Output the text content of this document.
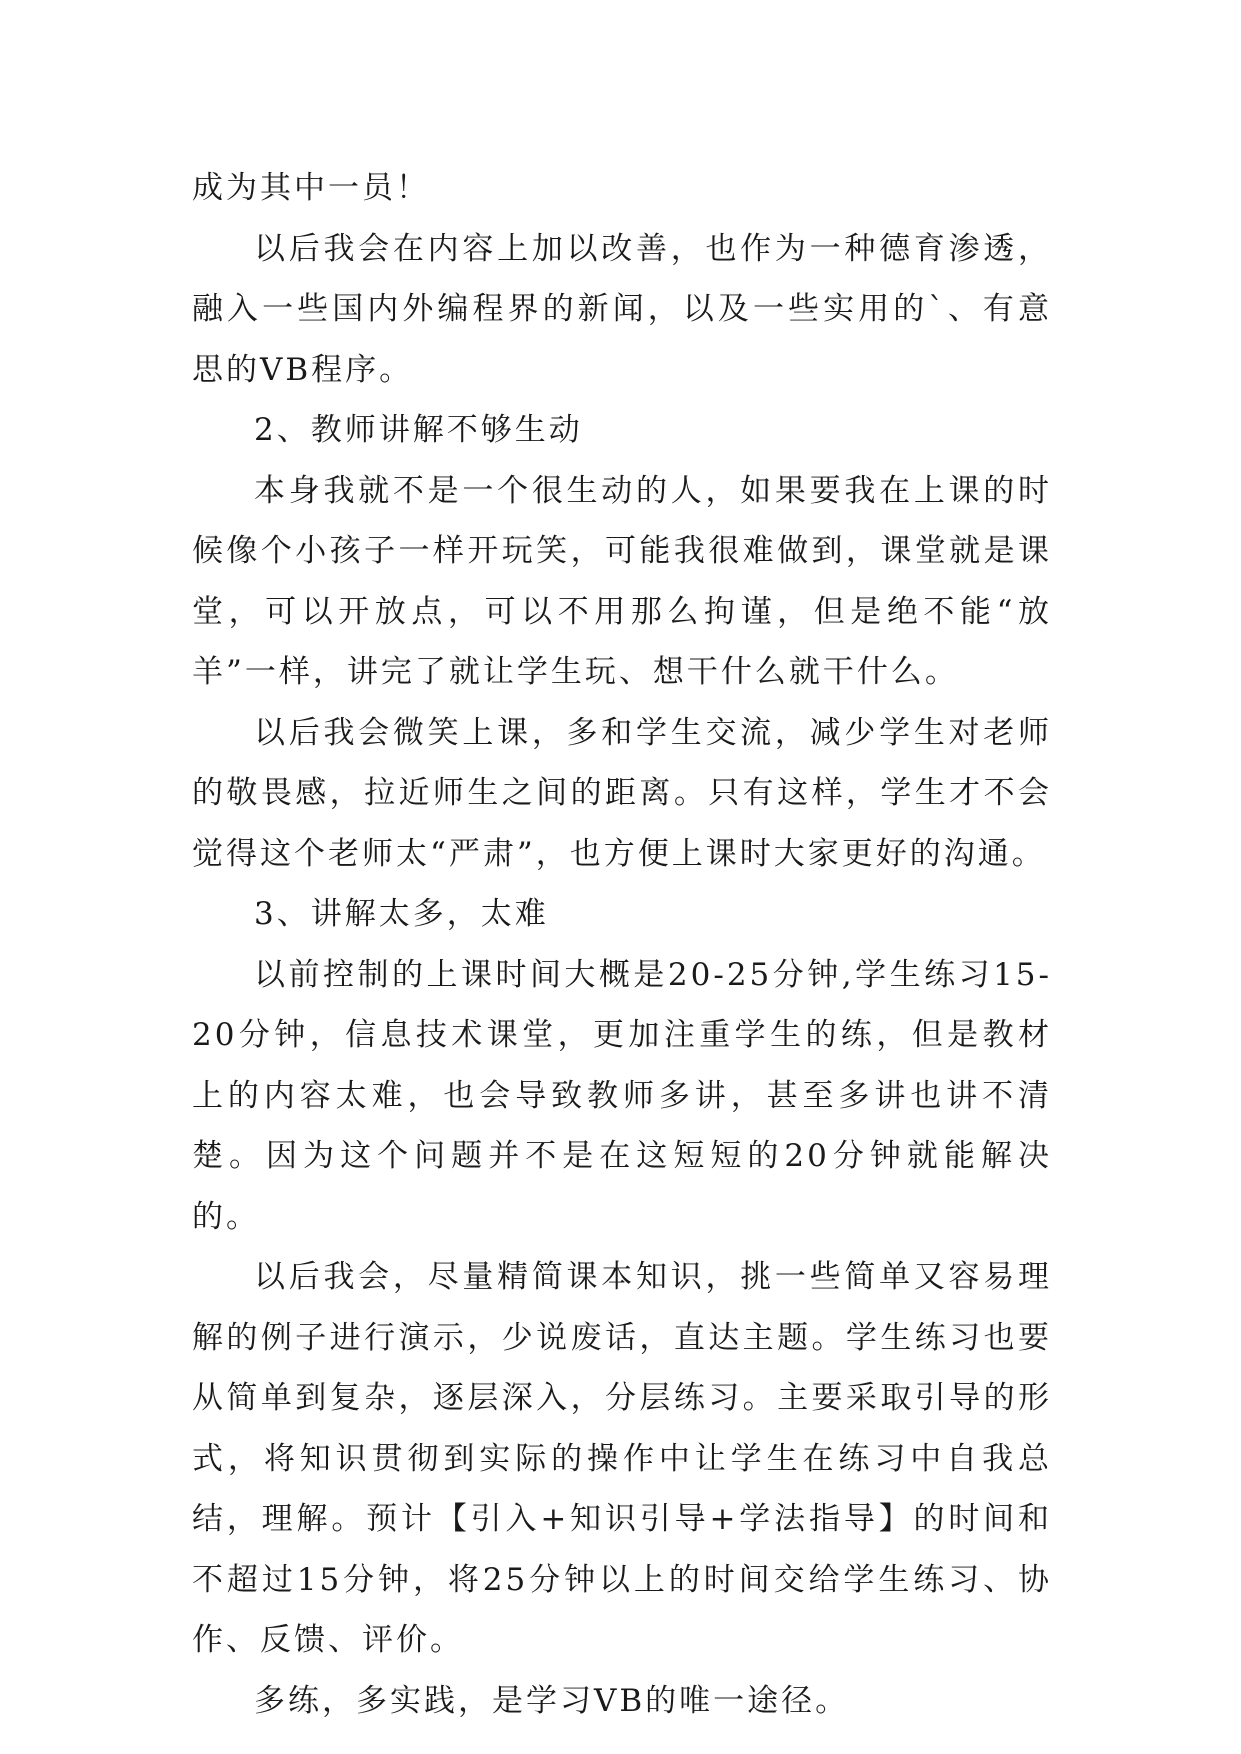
成为其中一员！

以后我会在内容上加以改善，也作为一种德育渗透，融入一些国内外编程界的新闻，以及一些实用的`、有意思的VB程序。

2、教师讲解不够生动

本身我就不是一个很生动的人，如果要我在上课的时候像个小孩子一样开玩笑，可能我很难做到，课堂就是课堂，可以开放点，可以不用那么拘谨，但是绝不能“放羊”一样，讲完了就让学生玩、想干什么就干什么。

以后我会微笑上课，多和学生交流，减少学生对老师的敬畏感，拉近师生之间的距离。只有这样，学生才不会觉得这个老师太“严肃”，也方便上课时大家更好的沟通。

3、讲解太多，太难

以前控制的上课时间大概是20-25分钟,学生练习15-20分钟，信息技术课堂，更加注重学生的练，但是教材上的内容太难，也会导致教师多讲，甚至多讲也讲不清楚。因为这个问题并不是在这短短的20分钟就能解决的。

以后我会，尽量精简课本知识，挑一些简单又容易理解的例子进行演示，少说废话，直达主题。学生练习也要从简单到复杂，逐层深入，分层练习。主要采取引导的形式，将知识贯彻到实际的操作中让学生在练习中自我总结，理解。预计【引入+知识引导+学法指导】的时间和不超过15分钟，将25分钟以上的时间交给学生练习、协作、反馈、评价。

多练，多实践，是学习VB的唯一途径。
